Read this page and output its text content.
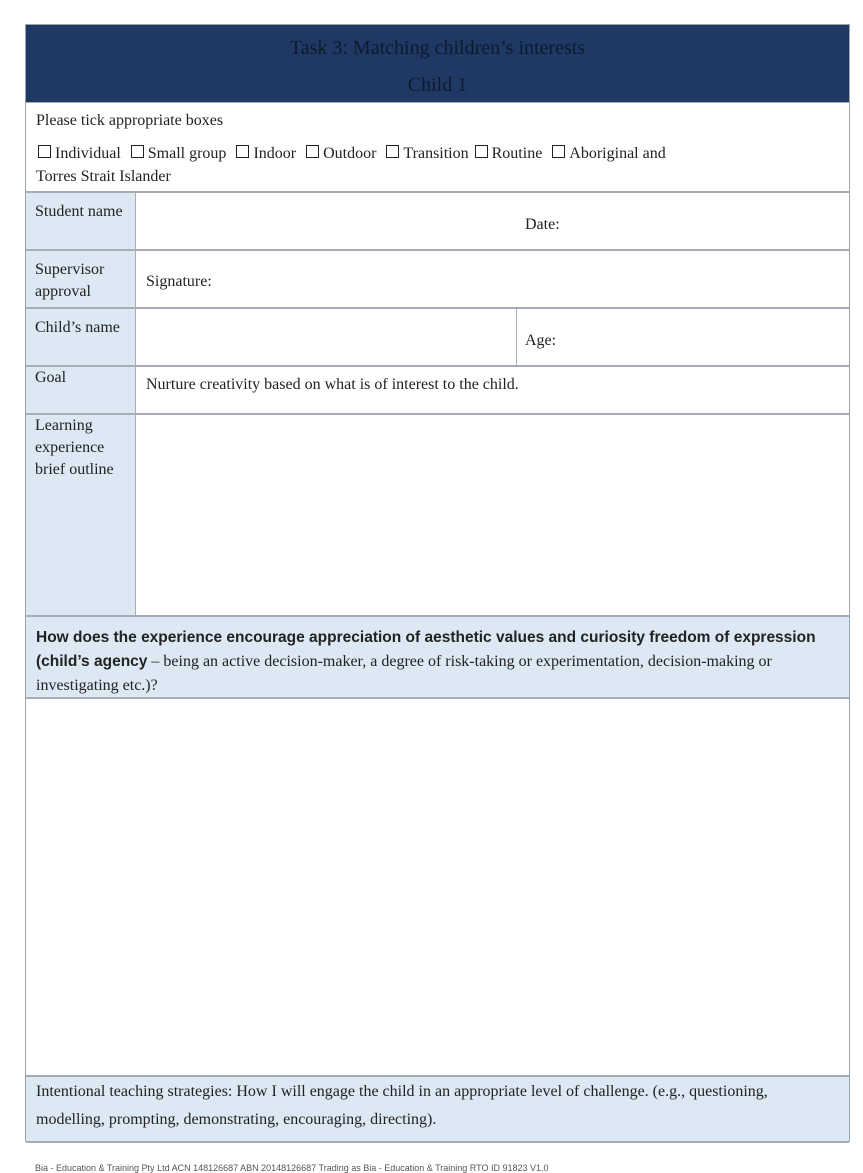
Task 3: Matching children’s interests
Child 1
Please tick appropriate boxes
Individual Small group Indoor Outdoor Transition Routine Aboriginal and
Torres Strait Islander
Student name
Date:
Supervisor approval
Signature:
Child’s name
Age:
Goal	Nurture creativity based on what is of interest to the child.
Learning experience brief outline
How does the experience encourage appreciation of aesthetic values and curiosity freedom of expression (child’s agency – being an active decision-maker, a degree of risk-taking or experimentation, decision-making or investigating etc.)?
Intentional teaching strategies: How I will engage the child in an appropriate level of challenge. (e.g., questioning, modelling, prompting, demonstrating, encouraging, directing).
Bia - Education & Training Pty Ltd ACN 148126687 ABN 20148126687 Trading as Bia - Education & Training RTO ID 91823 V1.0
